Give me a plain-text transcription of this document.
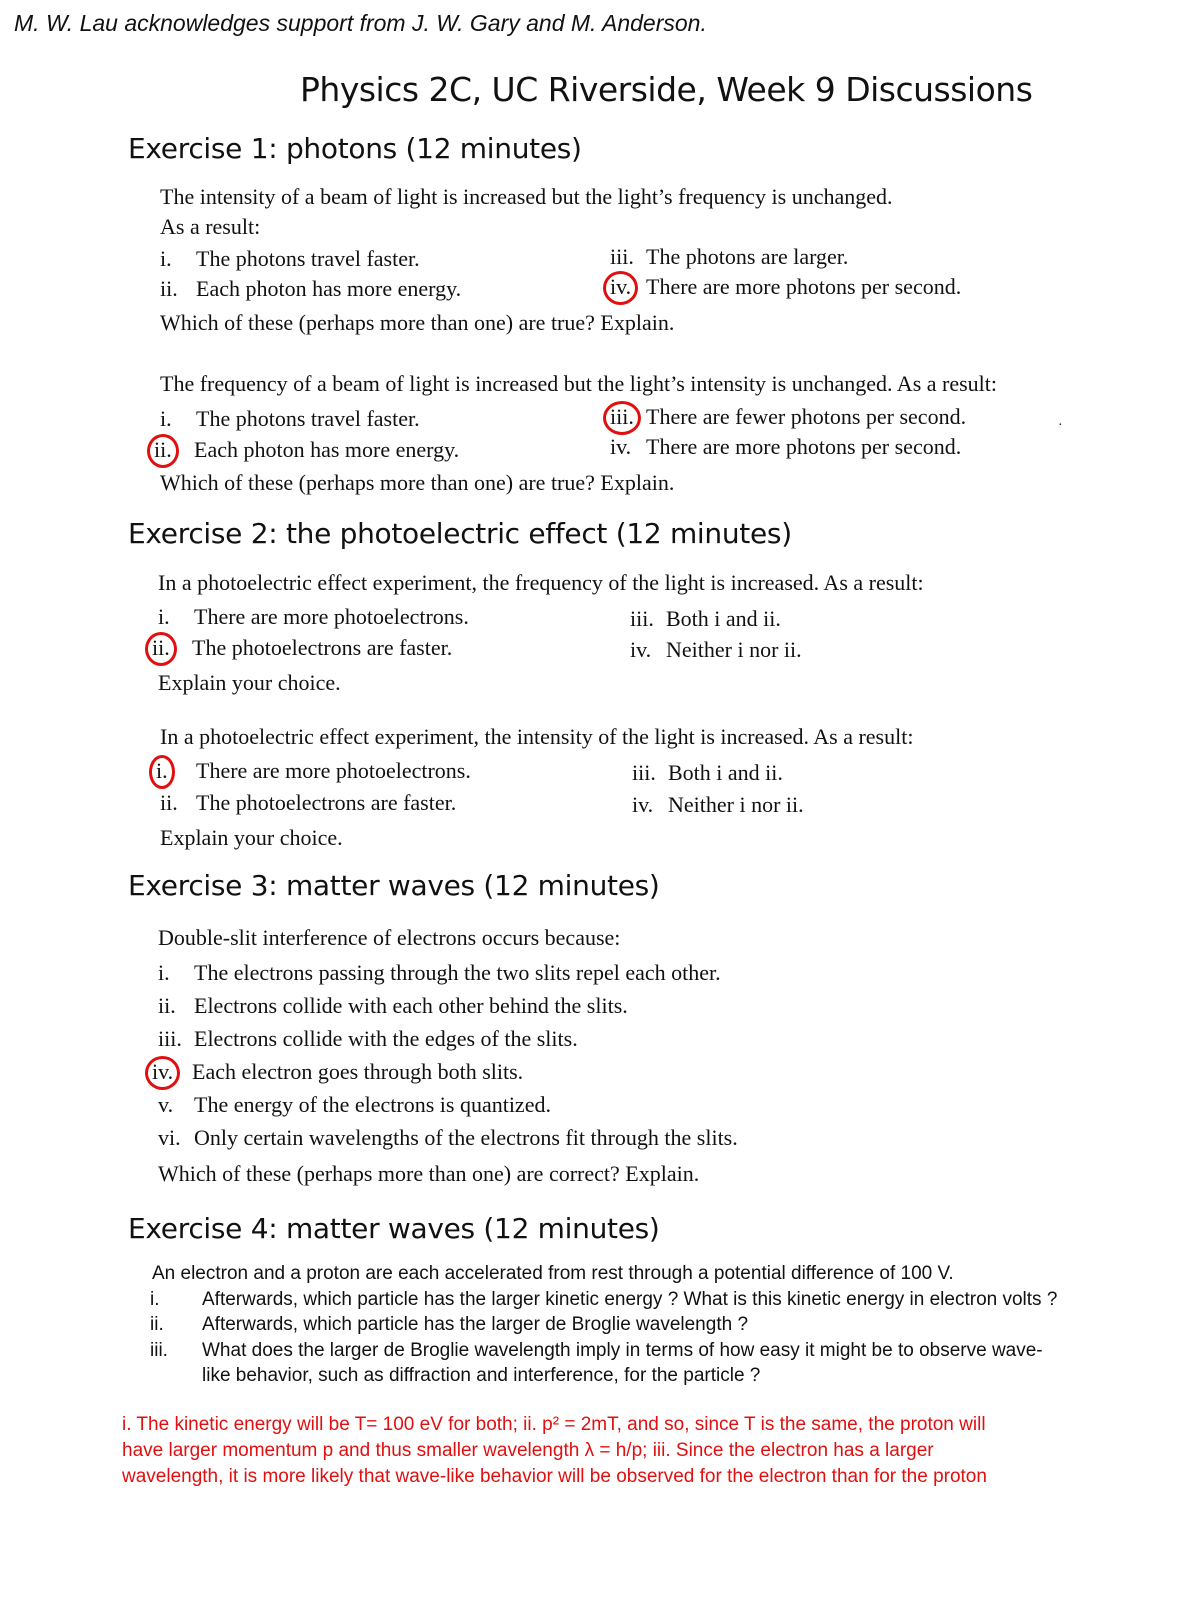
M. W. Lau acknowledges support from J. W. Gary and M. Anderson.
Physics 2C, UC Riverside, Week 9 Discussions
Exercise 1: photons (12 minutes)
The intensity of a beam of light is increased but the light’s frequency is unchanged.
As a result:
i. The photons travel faster.
ii. Each photon has more energy.
iii. The photons are larger.
iv. There are more photons per second.
Which of these (perhaps more than one) are true? Explain.
The frequency of a beam of light is increased but the light’s intensity is unchanged. As a result:
i. The photons travel faster.
ii. Each photon has more energy.
iii. There are fewer photons per second.
iv. There are more photons per second.
Which of these (perhaps more than one) are true? Explain.
·
Exercise 2: the photoelectric effect (12 minutes)
In a photoelectric effect experiment, the frequency of the light is increased. As a result:
i. There are more photoelectrons.
ii. The photoelectrons are faster.
iii. Both i and ii.
iv. Neither i nor ii.
Explain your choice.
In a photoelectric effect experiment, the intensity of the light is increased. As a result:
i. There are more photoelectrons.
ii. The photoelectrons are faster.
iii. Both i and ii.
iv. Neither i nor ii.
Explain your choice.
Exercise 3: matter waves (12 minutes)
Double-slit interference of electrons occurs because:
i. The electrons passing through the two slits repel each other.
ii. Electrons collide with each other behind the slits.
iii. Electrons collide with the edges of the slits.
iv. Each electron goes through both slits.
v. The energy of the electrons is quantized.
vi. Only certain wavelengths of the electrons fit through the slits.
Which of these (perhaps more than one) are correct? Explain.
Exercise 4: matter waves (12 minutes)
An electron and a proton are each accelerated from rest through a potential difference of 100 V.
i. Afterwards, which particle has the larger kinetic energy ? What is this kinetic energy in electron volts ?
ii. Afterwards, which particle has the larger de Broglie wavelength ?
iii. What does the larger de Broglie wavelength imply in terms of how easy it might be to observe wave-
like behavior, such as diffraction and interference, for the particle ?
i. The kinetic energy will be T= 100 eV for both; ii. p² = 2mT, and so, since T is the same, the proton will
have larger momentum p and thus smaller wavelength λ = h/p; iii. Since the electron has a larger
wavelength, it is more likely that wave-like behavior will be observed for the electron than for the proton
